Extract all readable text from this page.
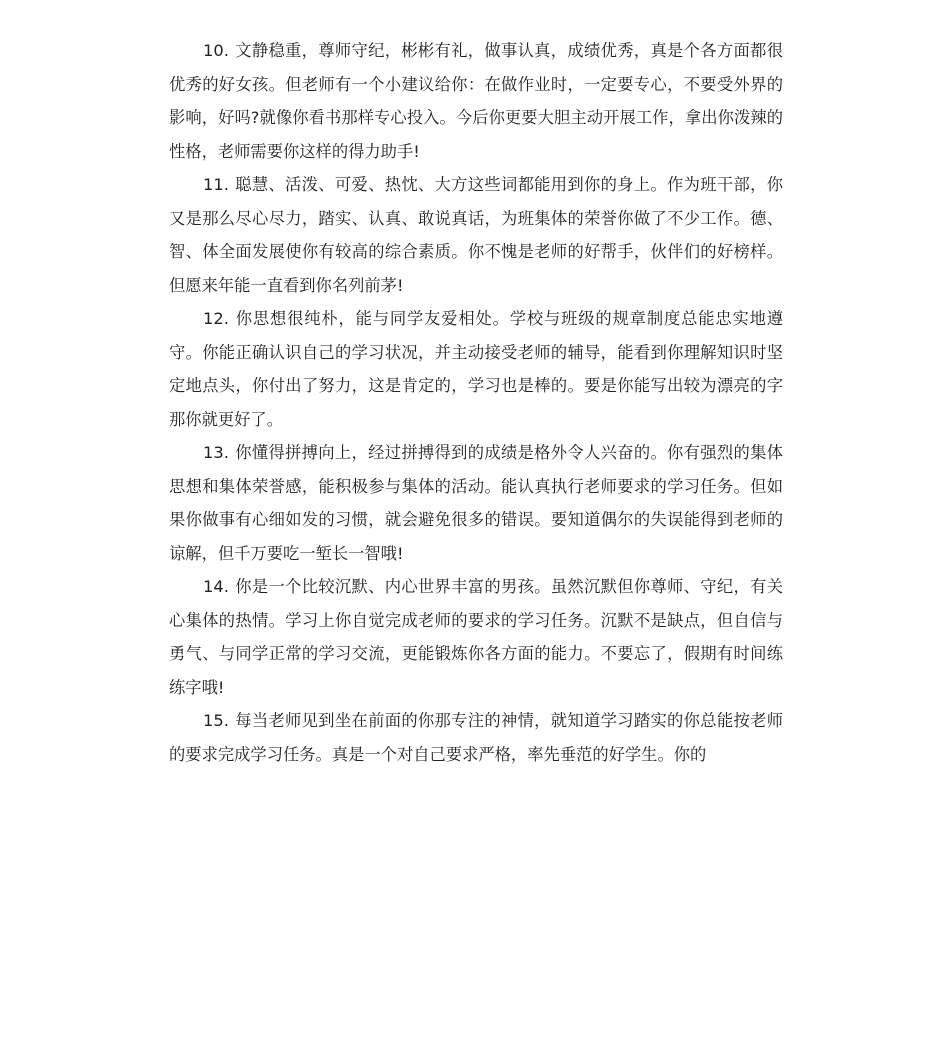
10. 文静稳重，尊师守纪，彬彬有礼，做事认真，成绩优秀，真是个各方面都很优秀的好女孩。但老师有一个小建议给你：在做作业时，一定要专心，不要受外界的影响，好吗?就像你看书那样专心投入。今后你更要大胆主动开展工作，拿出你泼辣的性格，老师需要你这样的得力助手!

11. 聪慧、活泼、可爱、热忱、大方这些词都能用到你的身上。作为班干部，你又是那么尽心尽力，踏实、认真、敢说真话，为班集体的荣誉你做了不少工作。德、智、体全面发展使你有较高的综合素质。你不愧是老师的好帮手，伙伴们的好榜样。但愿来年能一直看到你名列前茅!

12. 你思想很纯朴，能与同学友爱相处。学校与班级的规章制度总能忠实地遵守。你能正确认识自己的学习状况，并主动接受老师的辅导，能看到你理解知识时坚定地点头，你付出了努力，这是肯定的，学习也是棒的。要是你能写出较为漂亮的字那你就更好了。

13. 你懂得拼搏向上，经过拼搏得到的成绩是格外令人兴奋的。你有强烈的集体思想和集体荣誉感，能积极参与集体的活动。能认真执行老师要求的学习任务。但如果你做事有心细如发的习惯，就会避免很多的错误。要知道偶尔的失误能得到老师的谅解，但千万要吃一堑长一智哦!

14. 你是一个比较沉默、内心世界丰富的男孩。虽然沉默但你尊师、守纪，有关心集体的热情。学习上你自觉完成老师的要求的学习任务。沉默不是缺点，但自信与勇气、与同学正常的学习交流，更能锻炼你各方面的能力。不要忘了，假期有时间练练字哦!

15. 每当老师见到坐在前面的你那专注的神情，就知道学习踏实的你总能按老师的要求完成学习任务。真是一个对自己要求严格，率先垂范的好学生。你的
